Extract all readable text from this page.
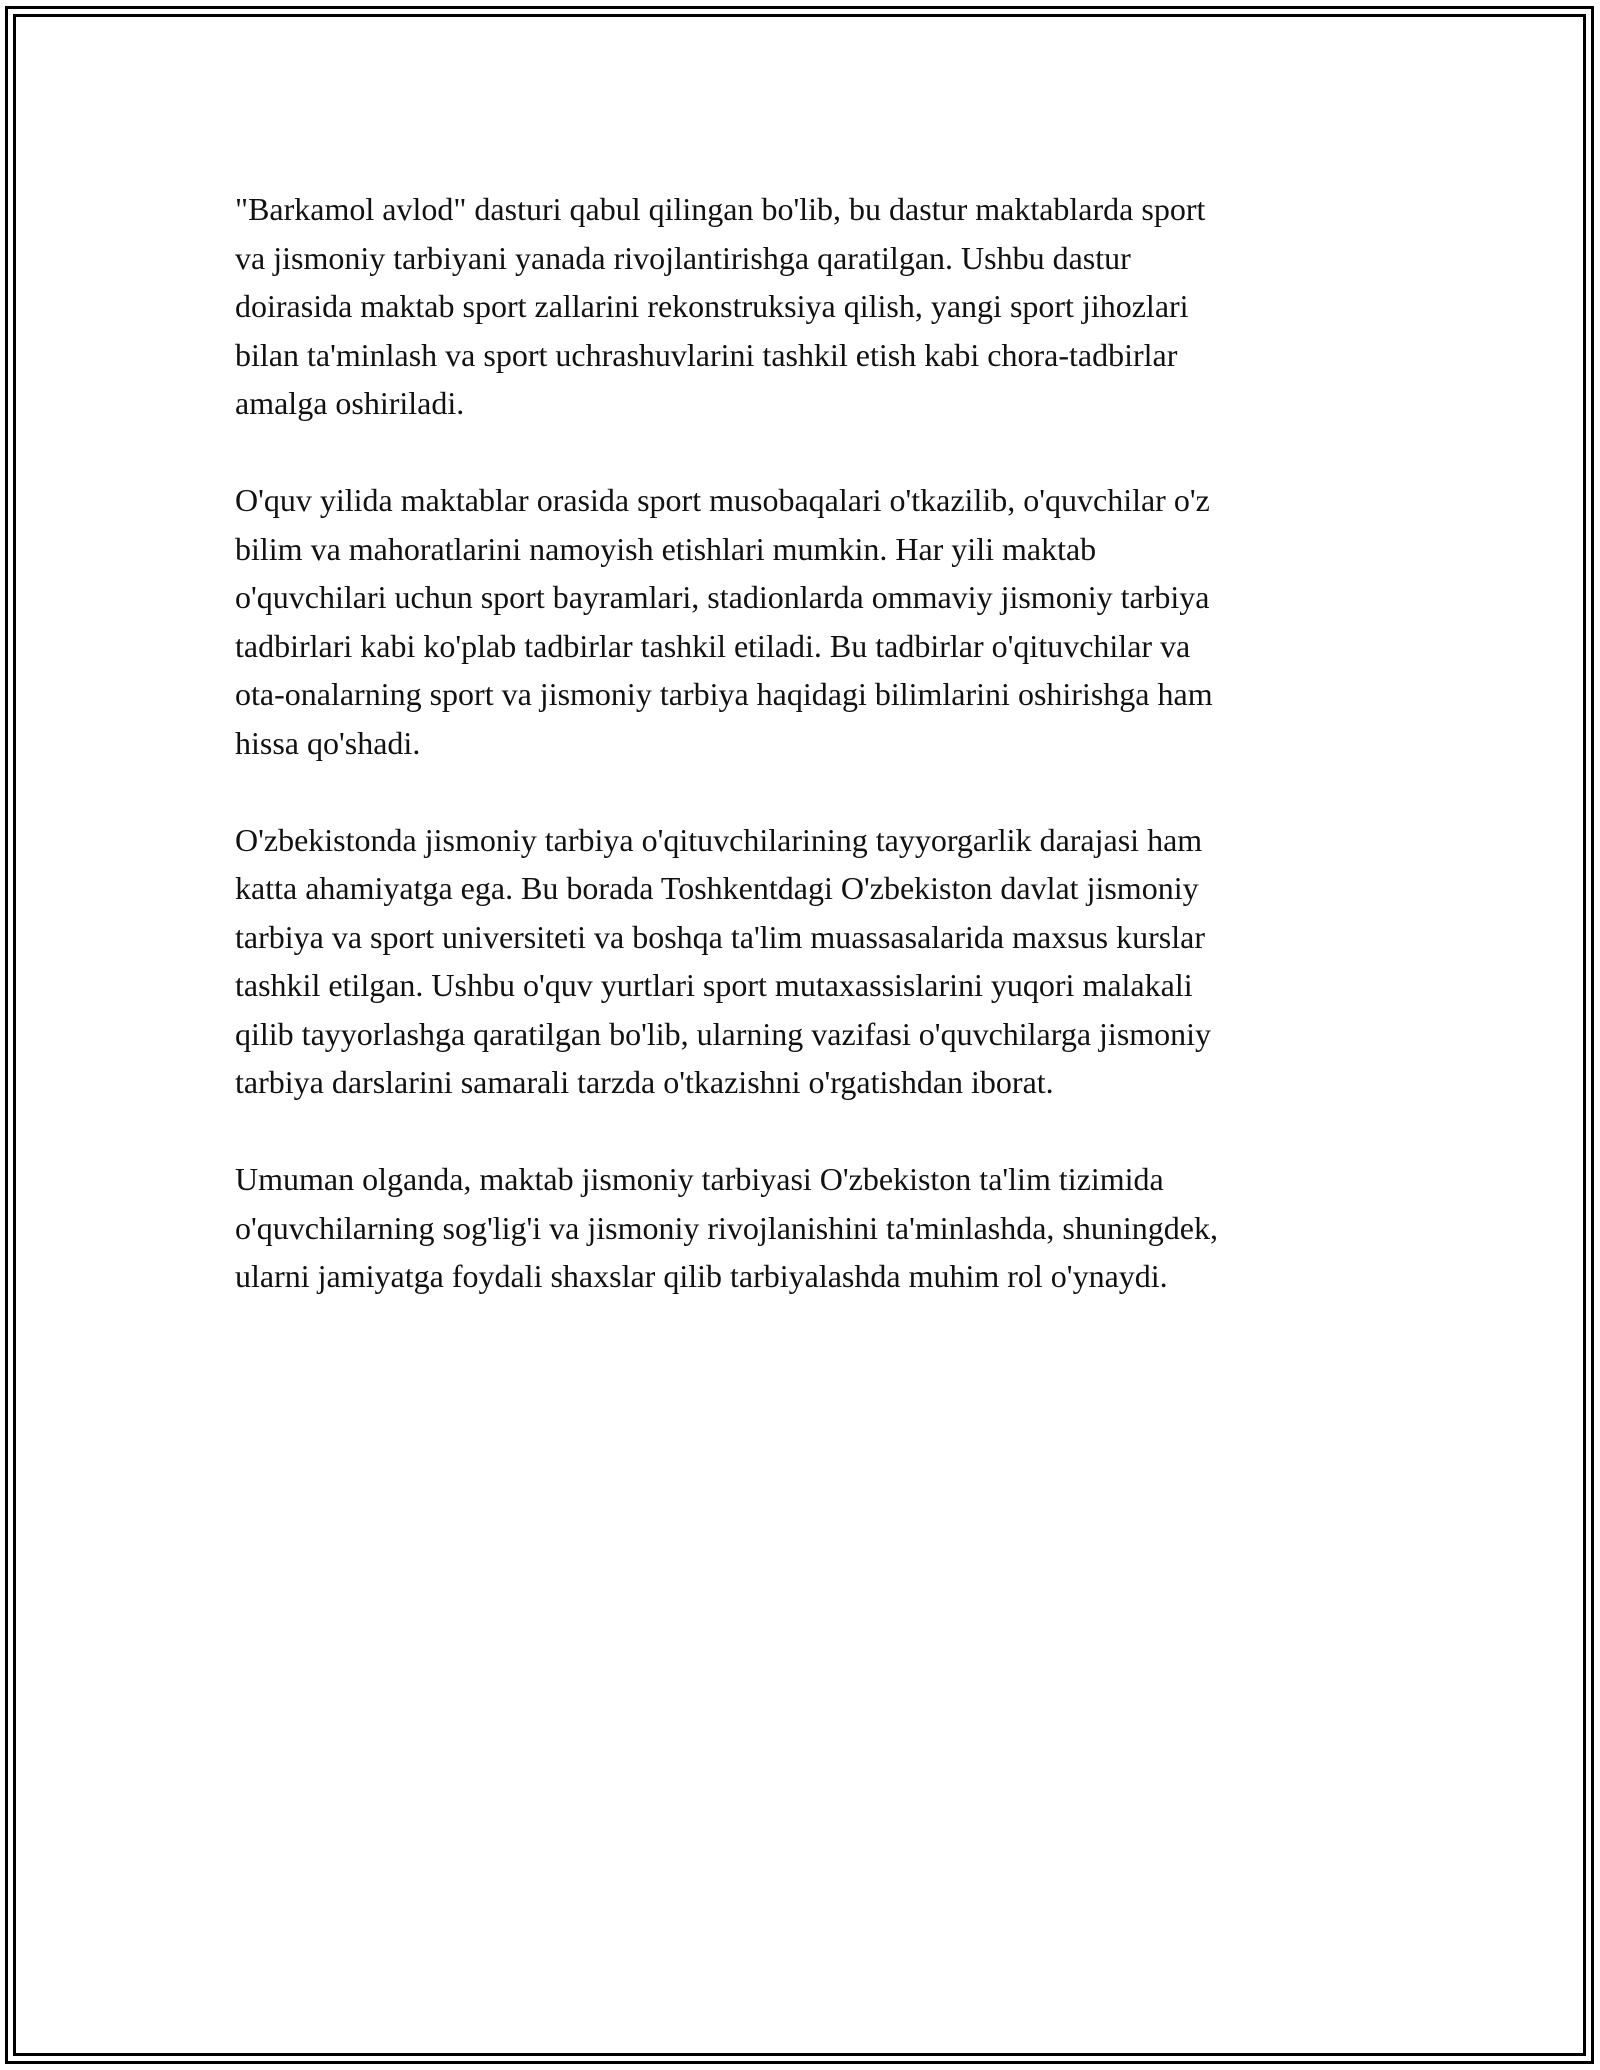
"Barkamol avlod" dasturi qabul qilingan bo'lib, bu dastur maktablarda sport
va jismoniy tarbiyani yanada rivojlantirishga qaratilgan. Ushbu dastur
doirasida maktab sport zallarini rekonstruksiya qilish, yangi sport jihozlari
bilan ta'minlash va sport uchrashuvlarini tashkil etish kabi chora-tadbirlar
amalga oshiriladi.

O'quv yilida maktablar orasida sport musobaqalari o'tkazilib, o'quvchilar o'z
bilim va mahoratlarini namoyish etishlari mumkin. Har yili maktab
o'quvchilari uchun sport bayramlari, stadionlarda ommaviy jismoniy tarbiya
tadbirlari kabi ko'plab tadbirlar tashkil etiladi. Bu tadbirlar o'qituvchilar va
ota-onalarning sport va jismoniy tarbiya haqidagi bilimlarini oshirishga ham
hissa qo'shadi.

O'zbekistonda jismoniy tarbiya o'qituvchilarining tayyorgarlik darajasi ham
katta ahamiyatga ega. Bu borada Toshkentdagi O'zbekiston davlat jismoniy
tarbiya va sport universiteti va boshqa ta'lim muassasalarida maxsus kurslar
tashkil etilgan. Ushbu o'quv yurtlari sport mutaxassislarini yuqori malakali
qilib tayyorlashga qaratilgan bo'lib, ularning vazifasi o'quvchilarga jismoniy
tarbiya darslarini samarali tarzda o'tkazishni o'rgatishdan iborat.

Umuman olganda, maktab jismoniy tarbiyasi O'zbekiston ta'lim tizimida
o'quvchilarning sog'lig'i va jismoniy rivojlanishini ta'minlashda, shuningdek,
ularni jamiyatga foydali shaxslar qilib tarbiyalashda muhim rol o'ynaydi.
